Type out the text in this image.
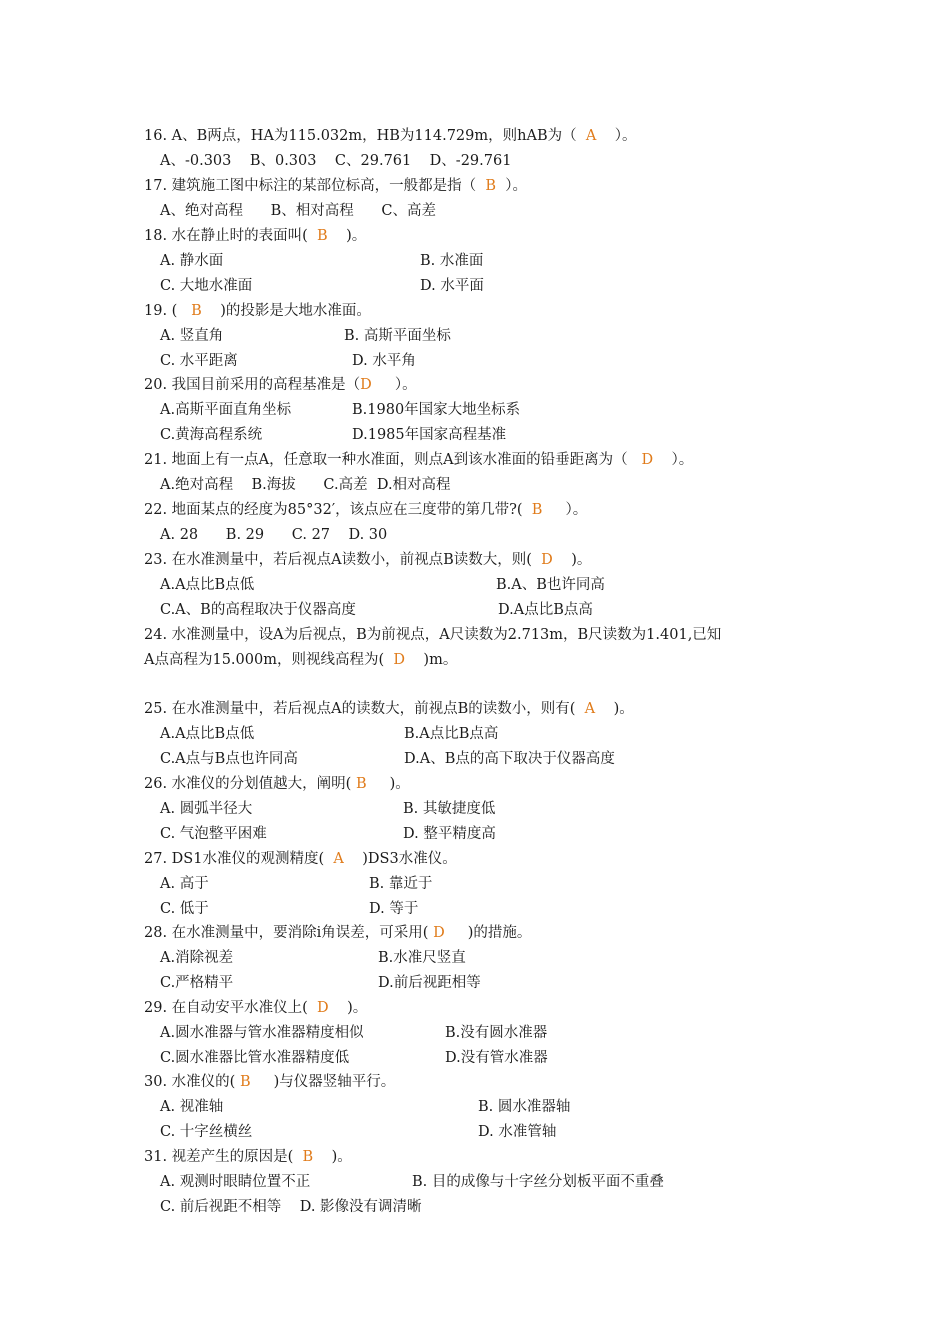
16. A、B两点，HA为115.032m，HB为114.729m，则hAB为（  A    ）。
A、-0.303    B、0.303    C、29.761    D、-29.761
17. 建筑施工图中标注的某部位标高，一般都是指（  B  ）。
A、绝对高程      B、相对高程      C、高差
18. 水在静止时的表面叫(  B    )。
A. 静水面	B. 水准面
C. 大地水准面	D. 水平面
19. (   B    )的投影是大地水准面。
A. 竖直角	B. 高斯平面坐标
C. 水平距离	D. 水平角
20. 我国目前采用的高程基准是（D     ）。
A.高斯平面直角坐标	B.1980年国家大地坐标系
C.黄海高程系统	D.1985年国家高程基准
21. 地面上有一点A，任意取一种水准面，则点A到该水准面的铅垂距离为（   D    ）。
A.绝对高程    B.海拔      C.高差  D.相对高程
22. 地面某点的经度为85°32′，该点应在三度带的第几带?(  B     ）。
A. 28      B. 29      C. 27    D. 30
23. 在水准测量中，若后视点A读数小，前视点B读数大，则(  D    )。
A.A点比B点低	B.A、B也许同高
C.A、B的高程取决于仪器高度	D.A点比B点高
24. 水准测量中，设A为后视点，B为前视点，A尺读数为2.713m，B尺读数为1.401,已知
A点高程为15.000m，则视线高程为(  D    )m。
25. 在水准测量中，若后视点A的读数大，前视点B的读数小，则有(  A    )。
A.A点比B点低	B.A点比B点高
C.A点与B点也许同高	D.A、B点的高下取决于仪器高度
26. 水准仪的分划值越大，阐明( B     )。
A. 圆弧半径大	B. 其敏捷度低
C. 气泡整平困难	D. 整平精度高
27. DS1水准仪的观测精度(  A    )DS3水准仪。
A. 高于	B. 靠近于
C. 低于	D. 等于
28. 在水准测量中，要消除i角误差，可采用( D     )的措施。
A.消除视差	B.水准尺竖直
C.严格精平	D.前后视距相等
29. 在自动安平水准仪上(  D    )。
A.圆水准器与管水准器精度相似	B.没有圆水准器
C.圆水准器比管水准器精度低	D.没有管水准器
30. 水准仪的( B     )与仪器竖轴平行。
A. 视准轴	B. 圆水准器轴
C. 十字丝横丝	D. 水准管轴
31. 视差产生的原因是(  B    )。
A. 观测时眼睛位置不正	B. 目的成像与十字丝分划板平面不重叠
C. 前后视距不相等    D. 影像没有调清晰
